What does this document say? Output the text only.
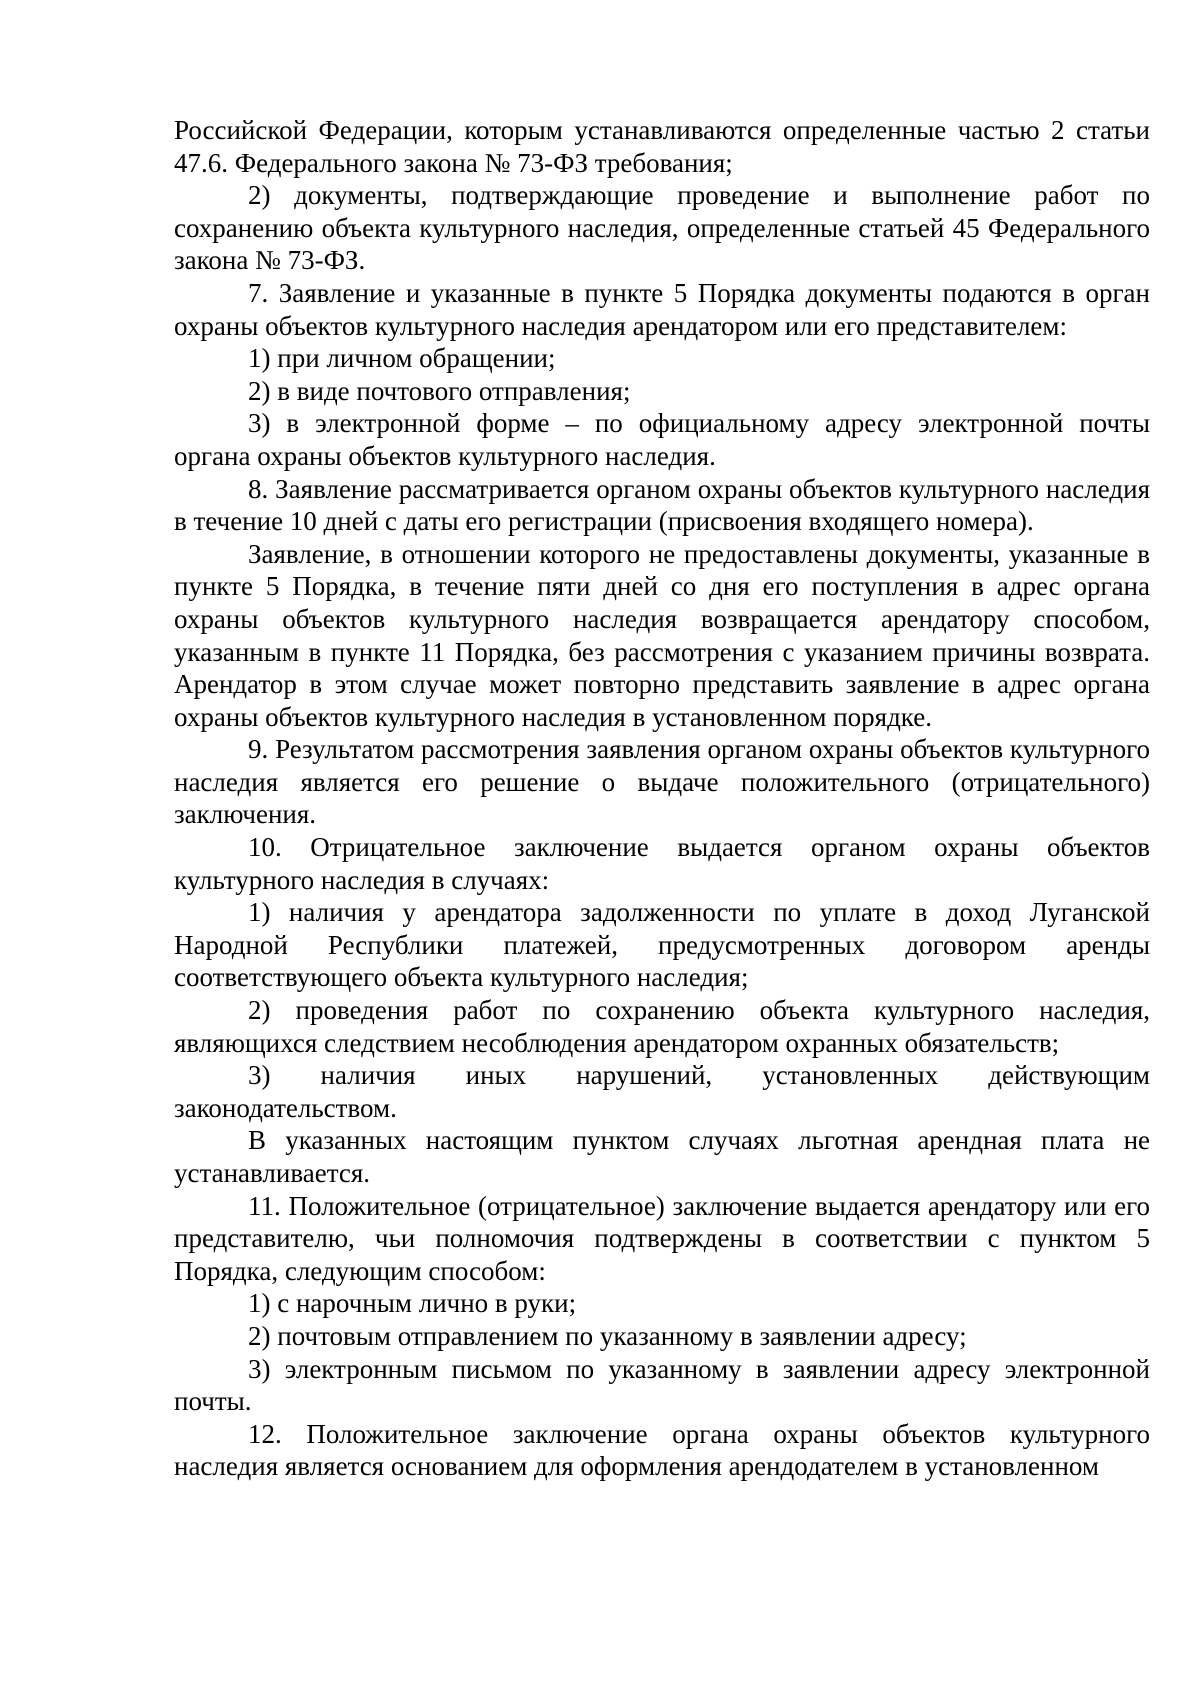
Российской Федерации, которым устанавливаются определенные частью 2 статьи 47.6. Федерального закона № 73-ФЗ требования;

2) документы, подтверждающие проведение и выполнение работ по сохранению объекта культурного наследия, определенные статьей 45 Федерального закона № 73-ФЗ.

7. Заявление и указанные в пункте 5 Порядка документы подаются в орган охраны объектов культурного наследия арендатором или его представителем:

1) при личном обращении;

2) в виде почтового отправления;

3) в электронной форме – по официальному адресу электронной почты органа охраны объектов культурного наследия.

8. Заявление рассматривается органом охраны объектов культурного наследия в течение 10 дней с даты его регистрации (присвоения входящего номера).

Заявление, в отношении которого не предоставлены документы, указанные в пункте 5 Порядка, в течение пяти дней со дня его поступления в адрес органа охраны объектов культурного наследия возвращается арендатору способом, указанным в пункте 11 Порядка, без рассмотрения с указанием причины возврата. Арендатор в этом случае может повторно представить заявление в адрес органа охраны объектов культурного наследия в установленном порядке.

9. Результатом рассмотрения заявления органом охраны объектов культурного наследия является его решение о выдаче положительного (отрицательного) заключения.

10. Отрицательное заключение выдается органом охраны объектов культурного наследия в случаях:

1) наличия у арендатора задолженности по уплате в доход Луганской Народной Республики платежей, предусмотренных договором аренды соответствующего объекта культурного наследия;

2) проведения работ по сохранению объекта культурного наследия, являющихся следствием несоблюдения арендатором охранных обязательств;

3) наличия иных нарушений, установленных действующим законодательством.

В указанных настоящим пунктом случаях льготная арендная плата не устанавливается.

11. Положительное (отрицательное) заключение выдается арендатору или его представителю, чьи полномочия подтверждены в соответствии с пунктом 5 Порядка, следующим способом:

1) с нарочным лично в руки;

2) почтовым отправлением по указанному в заявлении адресу;

3) электронным письмом по указанному в заявлении адресу электронной почты.

12. Положительное заключение органа охраны объектов культурного наследия является основанием для оформления арендодателем в установленном
